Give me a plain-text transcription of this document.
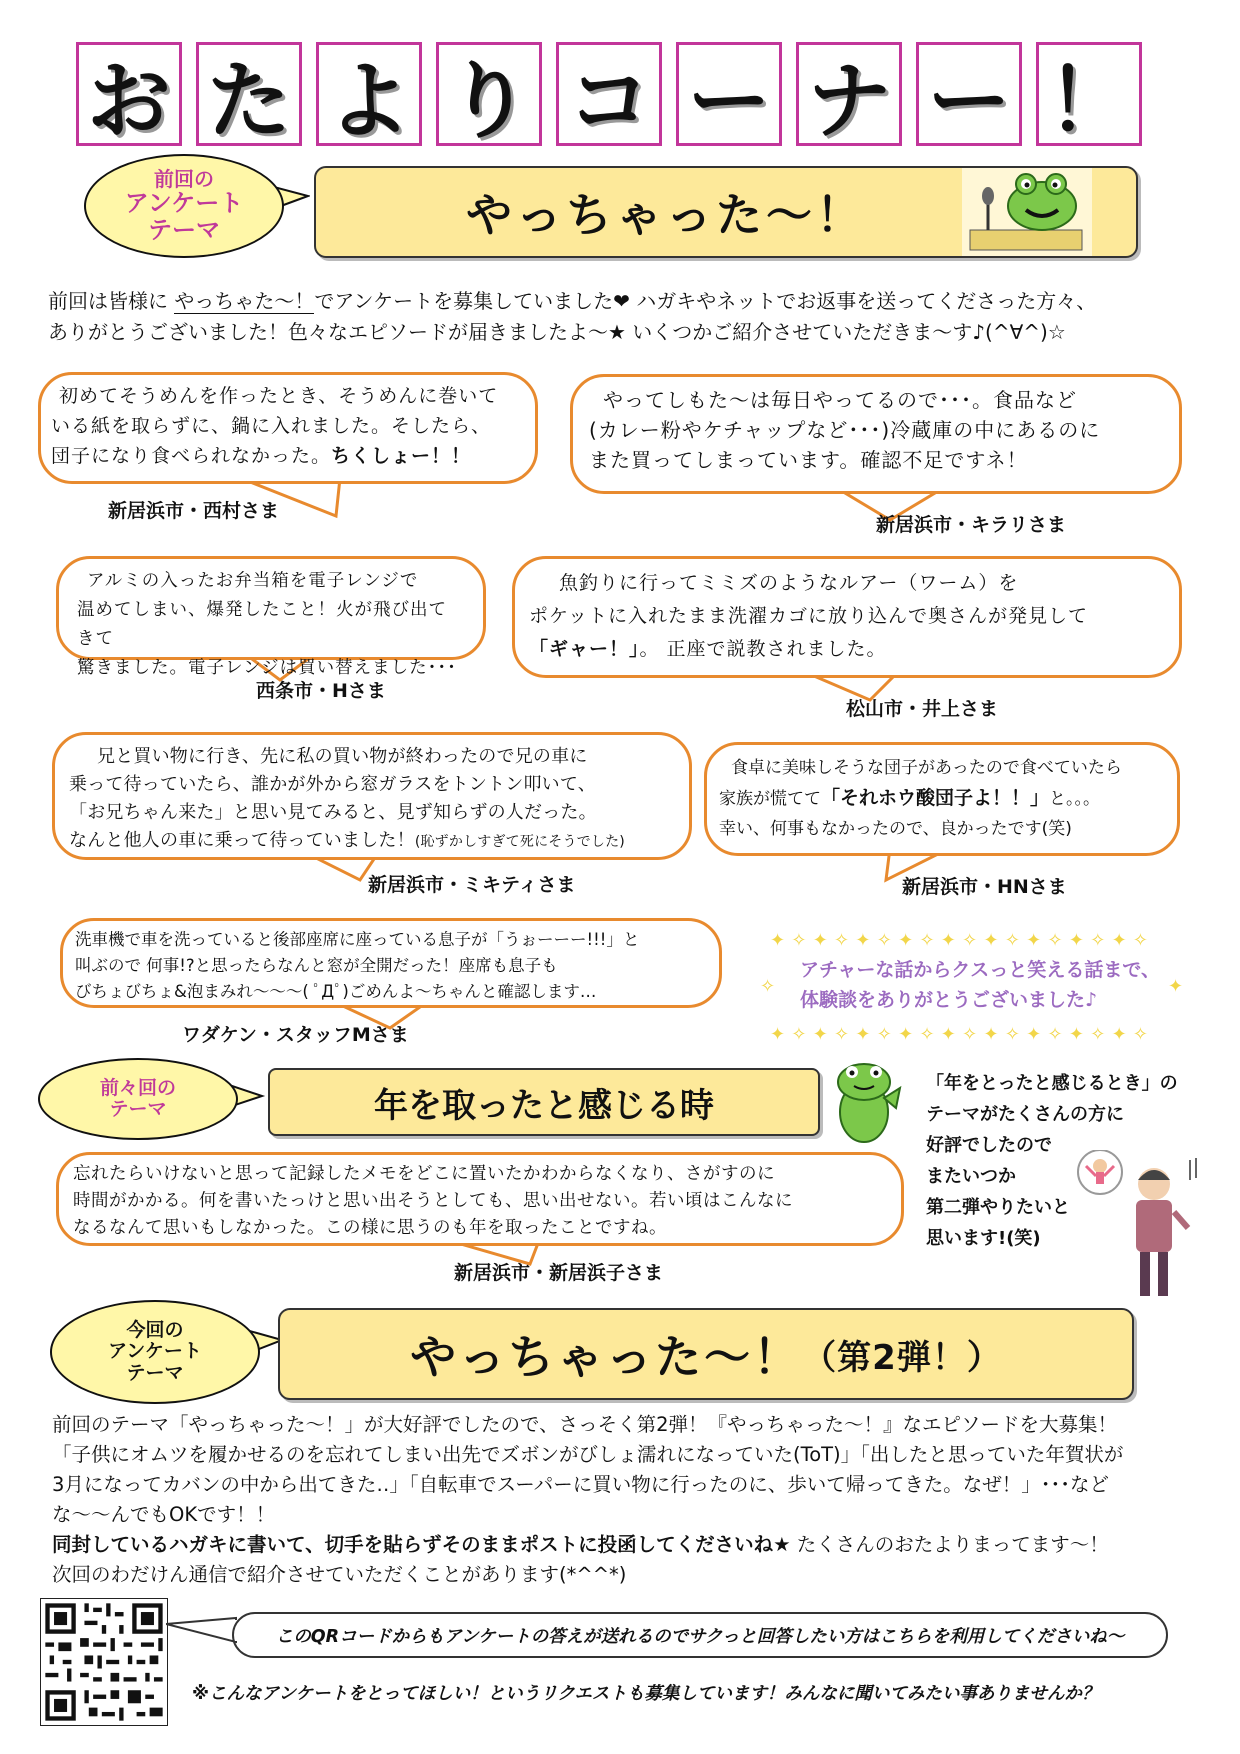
お た よ り コ ー ナ ー ！
前回の
アンケート
テーマ	やっちゃった～！
前回は皆様に やっちゃた～！でアンケートを募集していました❤ ハガキやネットでお返事を送ってくださった方々、
ありがとうございました！色々なエピソードが届きましたよ～★ いくつかご紹介させていただきま～す♪(^∀^)☆
初めてそうめんを作ったとき、そうめんに巻いて
いる紙を取らずに、鍋に入れました。そしたら、
団子になり食べられなかった。ちくしょー！！
新居浜市・西村さま
やってしもた～は毎日やってるので･･･。食品など
(カレー粉やケチャップなど･･･)冷蔵庫の中にあるのに
また買ってしまっています。確認不足ですネ！
新居浜市・キラリさま
アルミの入ったお弁当箱を電子レンジで
温めてしまい、爆発したこと！火が飛び出てきて
驚きました。電子レンジは買い替えました･･･
西条市・Hさま
魚釣りに行ってミミズのようなルアー（ワーム）を
ポケットに入れたまま洗濯カゴに放り込んで奥さんが発見して
「ギャー！」。 正座で説教されました。
松山市・井上さま
兄と買い物に行き、先に私の買い物が終わったので兄の車に
乗って待っていたら、誰かが外から窓ガラスをトントン叩いて、
「お兄ちゃん来た」と思い見てみると、見ず知らずの人だった。
なんと他人の車に乗って待っていました！(恥ずかしすぎて死にそうでした)
新居浜市・ミキティさま
食卓に美味しそうな団子があったので食べていたら
家族が慌てて「それホウ酸団子よ！！」と。。。
幸い、何事もなかったので、良かったです(笑)
新居浜市・HNさま
洗車機で車を洗っていると後部座席に座っている息子が「うぉーーー!!!」と
叫ぶので 何事!?と思ったらなんと窓が全開だった！座席も息子も
びちょびちょ&泡まみれ～～～( ﾟДﾟ)ごめんよ～ちゃんと確認します…
ワダケン・スタッフMさま
✦ ✧ ✦ ✧ ✦ ✧ ✦ ✧ ✦ ✧ ✦ ✧ ✦ ✧ ✦ ✧ ✦ ✧
✧	✦
✦ ✧ ✦ ✧ ✦ ✧ ✦ ✧ ✦ ✧ ✦ ✧ ✦ ✧ ✦ ✧ ✦ ✧
アチャーな話からクスっと笑える話まで、
体験談をありがとうございました♪
前々回の
テーマ	年を取ったと感じる時
忘れたらいけないと思って記録したメモをどこに置いたかわからなくなり、さがすのに
時間がかかる。何を書いたっけと思い出そうとしても、思い出せない。若い頃はこんなに
なるなんて思いもしなかった。この様に思うのも年を取ったことですね。
新居浜市・新居浜子さま
「年をとったと感じるとき」の
テーマがたくさんの方に
好評でしたので
またいつか
第二弾やりたいと
思います!(笑)
今回の
アンケート
テーマ	やっちゃった～！ （第2弾！）
前回のテーマ「やっちゃった～！」が大好評でしたので、さっそく第2弾！『やっちゃった～！』なエピソードを大募集！
「子供にオムツを履かせるのを忘れてしまい出先でズボンがびしょ濡れになっていた(ToT)」「出したと思っていた年賀状が
3月になってカバンの中から出てきた‥」「自転車でスーパーに買い物に行ったのに、歩いて帰ってきた。なぜ！」･･･など
な～～んでもOKです！！
同封しているハガキに書いて、切手を貼らずそのままポストに投函してくださいね★ たくさんのおたよりまってます～！
次回のわだけん通信で紹介させていただくことがあります(*^^*)
このQRコードからもアンケートの答えが送れるのでサクっと回答したい方はこちらを利用してくださいね～
※こんなアンケートをとってほしい！というリクエストも募集しています！みんなに聞いてみたい事ありませんか？
